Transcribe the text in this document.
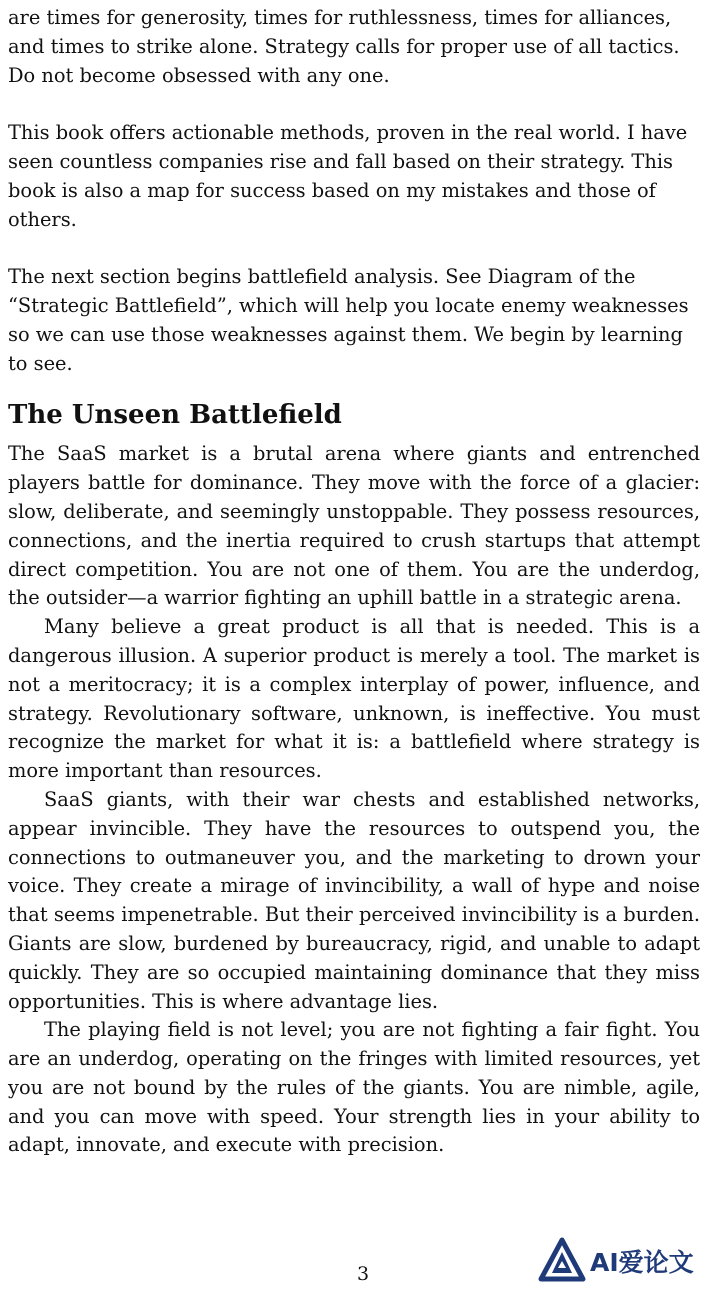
are times for generosity, times for ruthlessness, times for alliances, and times to strike alone. Strategy calls for proper use of all tactics. Do not become obsessed with any one.

This book offers actionable methods, proven in the real world. I have seen countless companies rise and fall based on their strategy. This book is also a map for success based on my mistakes and those of others.

The next section begins battlefield analysis. See Diagram of the “Strategic Battlefield”, which will help you locate enemy weaknesses so we can use those weaknesses against them. We begin by learning to see.

The Unseen Battlefield

The SaaS market is a brutal arena where giants and entrenched players battle for dominance. They move with the force of a glacier: slow, deliberate, and seemingly unstoppable. They possess resources, connections, and the inertia required to crush startups that attempt direct competition. You are not one of them. You are the underdog, the outsider—a warrior fighting an uphill battle in a strategic arena.

Many believe a great product is all that is needed. This is a dangerous illusion. A superior product is merely a tool. The market is not a meritocracy; it is a complex interplay of power, influence, and strategy. Revolutionary software, unknown, is ineffective. You must recognize the market for what it is: a battlefield where strategy is more important than resources.

SaaS giants, with their war chests and established networks, appear invincible. They have the resources to outspend you, the connections to outmaneuver you, and the marketing to drown your voice. They create a mirage of invincibility, a wall of hype and noise that seems impenetrable. But their perceived invincibility is a burden. Giants are slow, burdened by bureaucracy, rigid, and unable to adapt quickly. They are so occupied maintaining dominance that they miss opportunities. This is where advantage lies.

The playing field is not level; you are not fighting a fair fight. You are an underdog, operating on the fringes with limited resources, yet you are not bound by the rules of the giants. You are nimble, agile, and you can move with speed. Your strength lies in your ability to adapt, innovate, and execute with precision.

3	AI爱论文
